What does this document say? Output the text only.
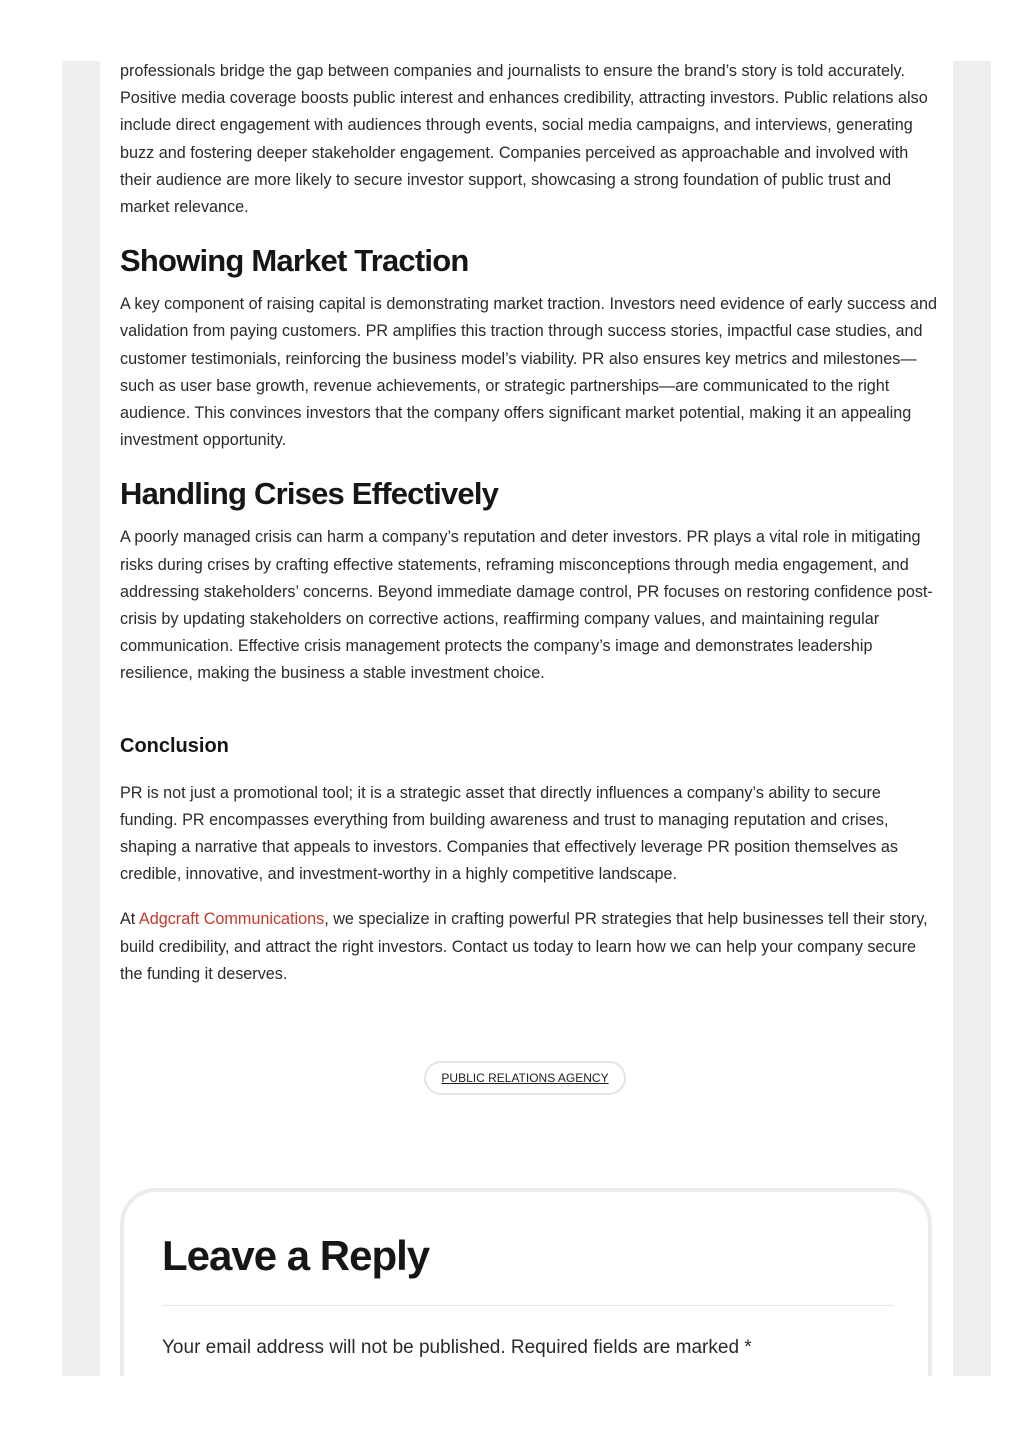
professionals bridge the gap between companies and journalists to ensure the brand’s story is told accurately. Positive media coverage boosts public interest and enhances credibility, attracting investors. Public relations also include direct engagement with audiences through events, social media campaigns, and interviews, generating buzz and fostering deeper stakeholder engagement. Companies perceived as approachable and involved with their audience are more likely to secure investor support, showcasing a strong foundation of public trust and market relevance.

Showing Market Traction

A key component of raising capital is demonstrating market traction. Investors need evidence of early success and validation from paying customers. PR amplifies this traction through success stories, impactful case studies, and customer testimonials, reinforcing the business model’s viability. PR also ensures key metrics and milestones—such as user base growth, revenue achievements, or strategic partnerships—are communicated to the right audience. This convinces investors that the company offers significant market potential, making it an appealing investment opportunity.

Handling Crises Effectively

A poorly managed crisis can harm a company’s reputation and deter investors. PR plays a vital role in mitigating risks during crises by crafting effective statements, reframing misconceptions through media engagement, and addressing stakeholders’ concerns. Beyond immediate damage control, PR focuses on restoring confidence post-crisis by updating stakeholders on corrective actions, reaffirming company values, and maintaining regular communication. Effective crisis management protects the company’s image and demonstrates leadership resilience, making the business a stable investment choice.

Conclusion

PR is not just a promotional tool; it is a strategic asset that directly influences a company’s ability to secure funding. PR encompasses everything from building awareness and trust to managing reputation and crises, shaping a narrative that appeals to investors. Companies that effectively leverage PR position themselves as credible, innovative, and investment-worthy in a highly competitive landscape.

At Adgcraft Communications, we specialize in crafting powerful PR strategies that help businesses tell their story, build credibility, and attract the right investors. Contact us today to learn how we can help your company secure the funding it deserves.

PUBLIC RELATIONS AGENCY
Leave a Reply

Your email address will not be published. Required fields are marked *
